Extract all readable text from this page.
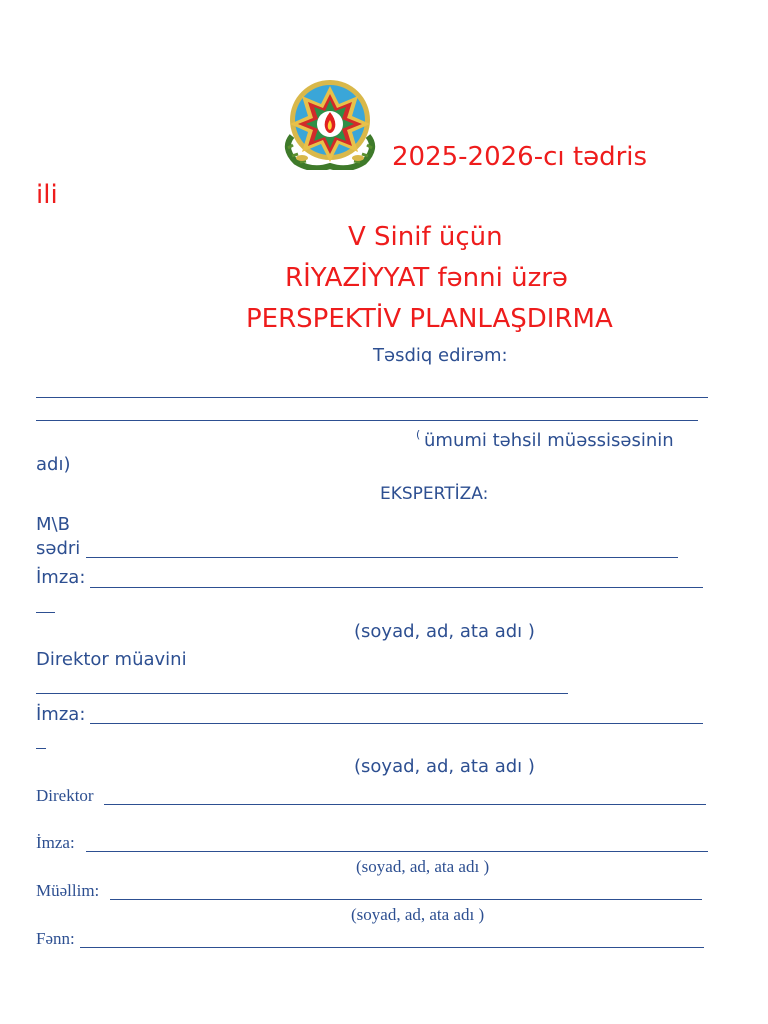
2025-2026-cı tədris
ili
V Sinif üçün
RİYAZİYYAT fənni üzrə
PERSPEKTİV PLANLAŞDIRMA
Təsdiq edirəm:
( ümumi təhsil müəssisəsinin
adı)
EKSPERTİZA:
M\B
sədri
İmza:
(soyad, ad, ata adı )
Direktor müavini
İmza:
(soyad, ad, ata adı )
Direktor
İmza:
(soyad, ad, ata adı )
Müəllim:
(soyad, ad, ata adı )
Fənn:
